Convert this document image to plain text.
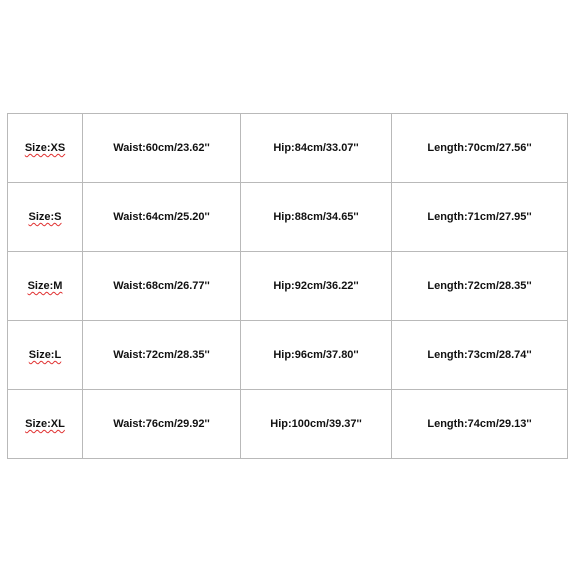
Size:XS	Waist:60cm/23.62''	Hip:84cm/33.07''	Length:70cm/27.56''
Size:S	Waist:64cm/25.20''	Hip:88cm/34.65''	Length:71cm/27.95''
Size:M	Waist:68cm/26.77''	Hip:92cm/36.22''	Length:72cm/28.35''
Size:L	Waist:72cm/28.35''	Hip:96cm/37.80''	Length:73cm/28.74''
Size:XL	Waist:76cm/29.92''	Hip:100cm/39.37''	Length:74cm/29.13''
